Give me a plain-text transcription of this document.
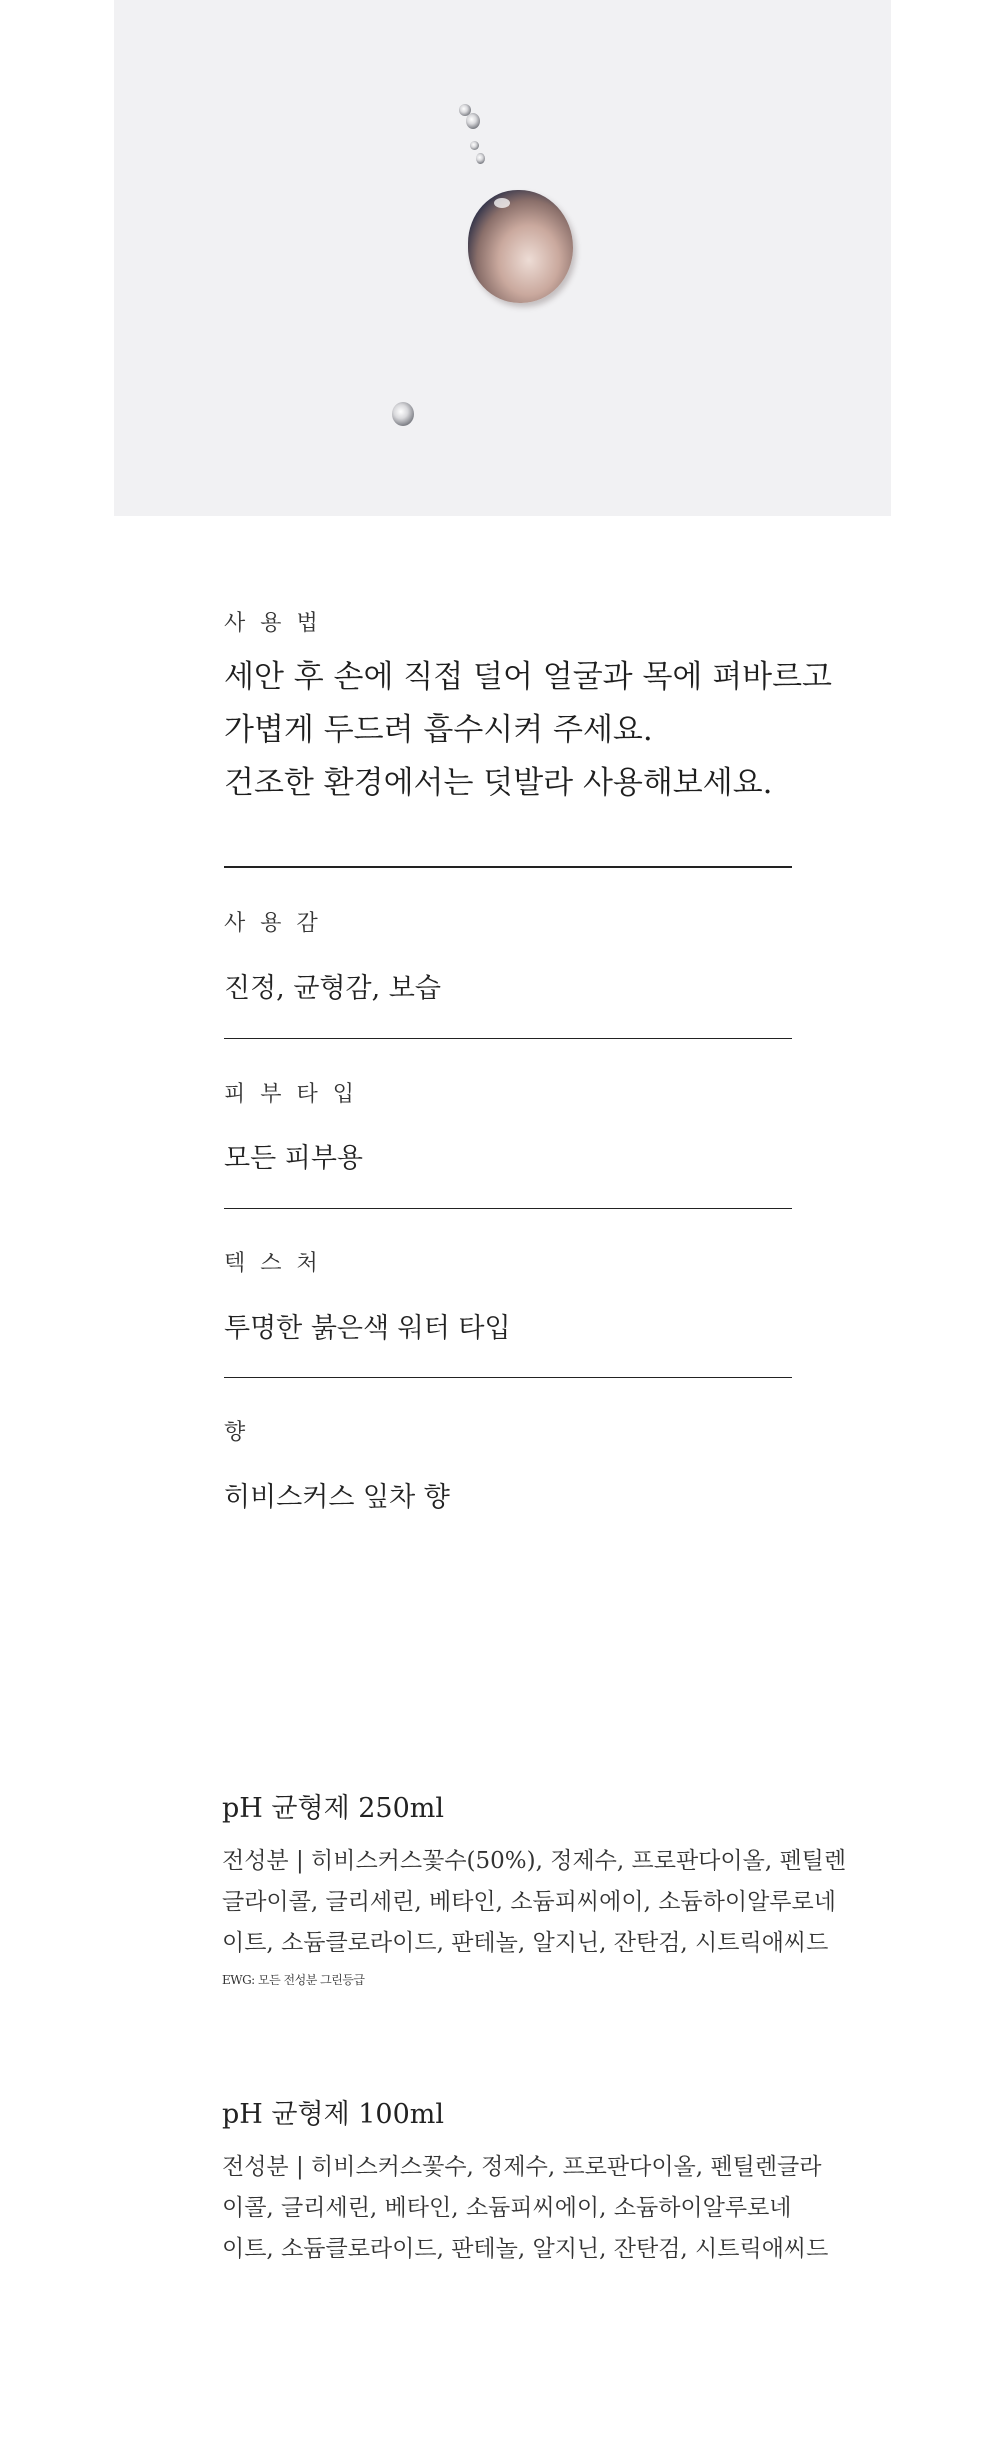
사 용 법
세안 후 손에 직접 덜어 얼굴과 목에 펴바르고
가볍게 두드려 흡수시켜 주세요.
건조한 환경에서는 덧발라 사용해보세요.
사 용 감
진정, 균형감, 보습
피 부 타 입
모든 피부용
텍 스 처
투명한 붉은색 워터 타입
향
히비스커스 잎차 향
pH 균형제 250ml
전성분 | 히비스커스꽃수(50%), 정제수, 프로판다이올, 펜틸렌
글라이콜, 글리세린, 베타인, 소듐피씨에이, 소듐하이알루로네
이트, 소듐클로라이드, 판테놀, 알지닌, 잔탄검, 시트릭애씨드
EWG: 모든 전성분 그린등급
pH 균형제 100ml
전성분 | 히비스커스꽃수, 정제수, 프로판다이올, 펜틸렌글라
이콜, 글리세린, 베타인, 소듐피씨에이, 소듐하이알루로네
이트, 소듐클로라이드, 판테놀, 알지닌, 잔탄검, 시트릭애씨드
